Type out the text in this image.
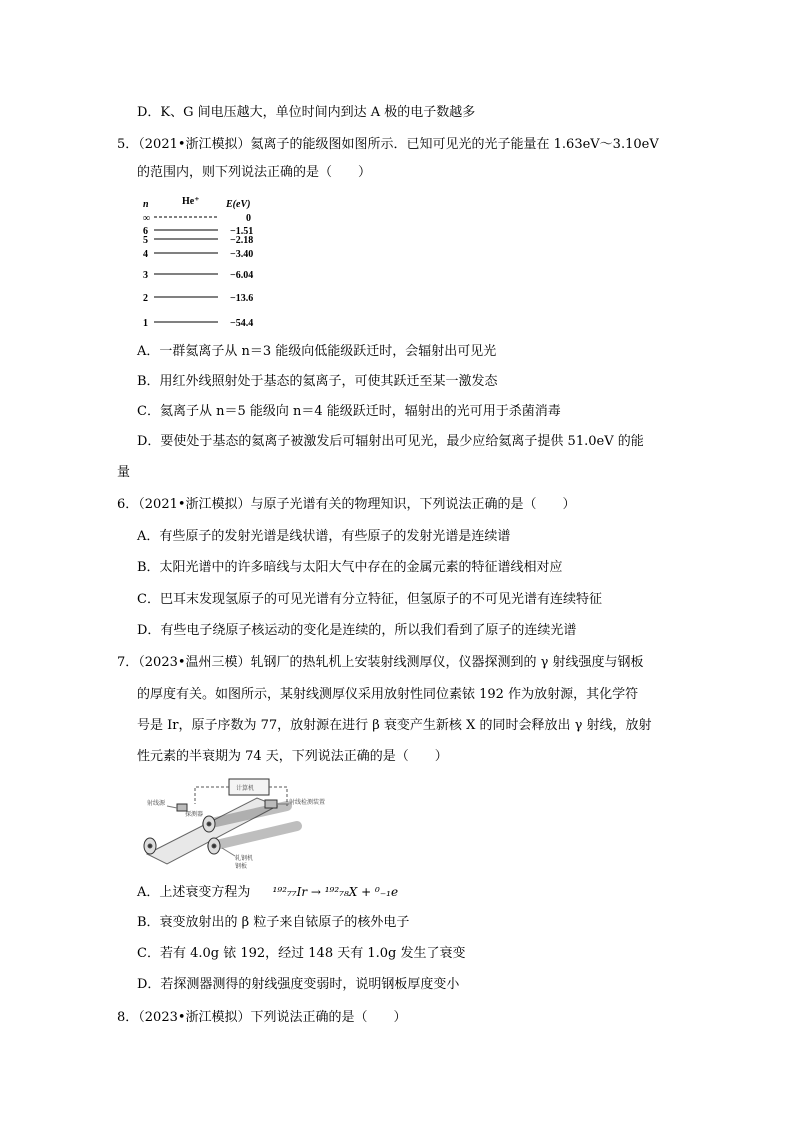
D．K、G 间电压越大，单位时间内到达 A 极的电子数越多
5．（2021•浙江模拟）氦离子的能级图如图所示．已知可见光的光子能量在 1.63eV～3.10eV
的范围内，则下列说法正确的是（　　）
n	He⁺	E(eV)
∞	0
6	−1.51
5	−2.18
4	−3.40
3	−6.04
2	−13.6
1	−54.4
A．一群氦离子从 n＝3 能级向低能级跃迁时，会辐射出可见光
B．用红外线照射处于基态的氦离子，可使其跃迁至某一激发态
C．氦离子从 n＝5 能级向 n＝4 能级跃迁时，辐射出的光可用于杀菌消毒
D．要使处于基态的氦离子被激发后可辐射出可见光，最少应给氦离子提供 51.0eV 的能
量
6．（2021•浙江模拟）与原子光谱有关的物理知识，下列说法正确的是（　　）
A．有些原子的发射光谱是线状谱，有些原子的发射光谱是连续谱
B．太阳光谱中的许多暗线与太阳大气中存在的金属元素的特征谱线相对应
C．巴耳末发现氢原子的可见光谱有分立特征，但氢原子的不可见光谱有连续特征
D．有些电子绕原子核运动的变化是连续的，所以我们看到了原子的连续光谱
7．（2023•温州三模）轧钢厂的热轧机上安装射线测厚仪，仪器探测到的 γ 射线强度与钢板
的厚度有关。如图所示，某射线测厚仪采用放射性同位素铱 192 作为放射源，其化学符
号是 Ir，原子序数为 77，放射源在进行 β 衰变产生新核 X 的同时会释放出 γ 射线，放射
性元素的半衰期为 74 天，下列说法正确的是（　　）
计算机
射线源	射线检测装置
探测器
轧钢机
钢板
A．上述衰变方程为 ¹⁹²₇₇Ir → ¹⁹²₇₈X + ⁰₋₁e
B．衰变放射出的 β 粒子来自铱原子的核外电子
C．若有 4.0g 铱 192，经过 148 天有 1.0g 发生了衰变
D．若探测器测得的射线强度变弱时，说明钢板厚度变小
8．（2023•浙江模拟）下列说法正确的是（　　）
